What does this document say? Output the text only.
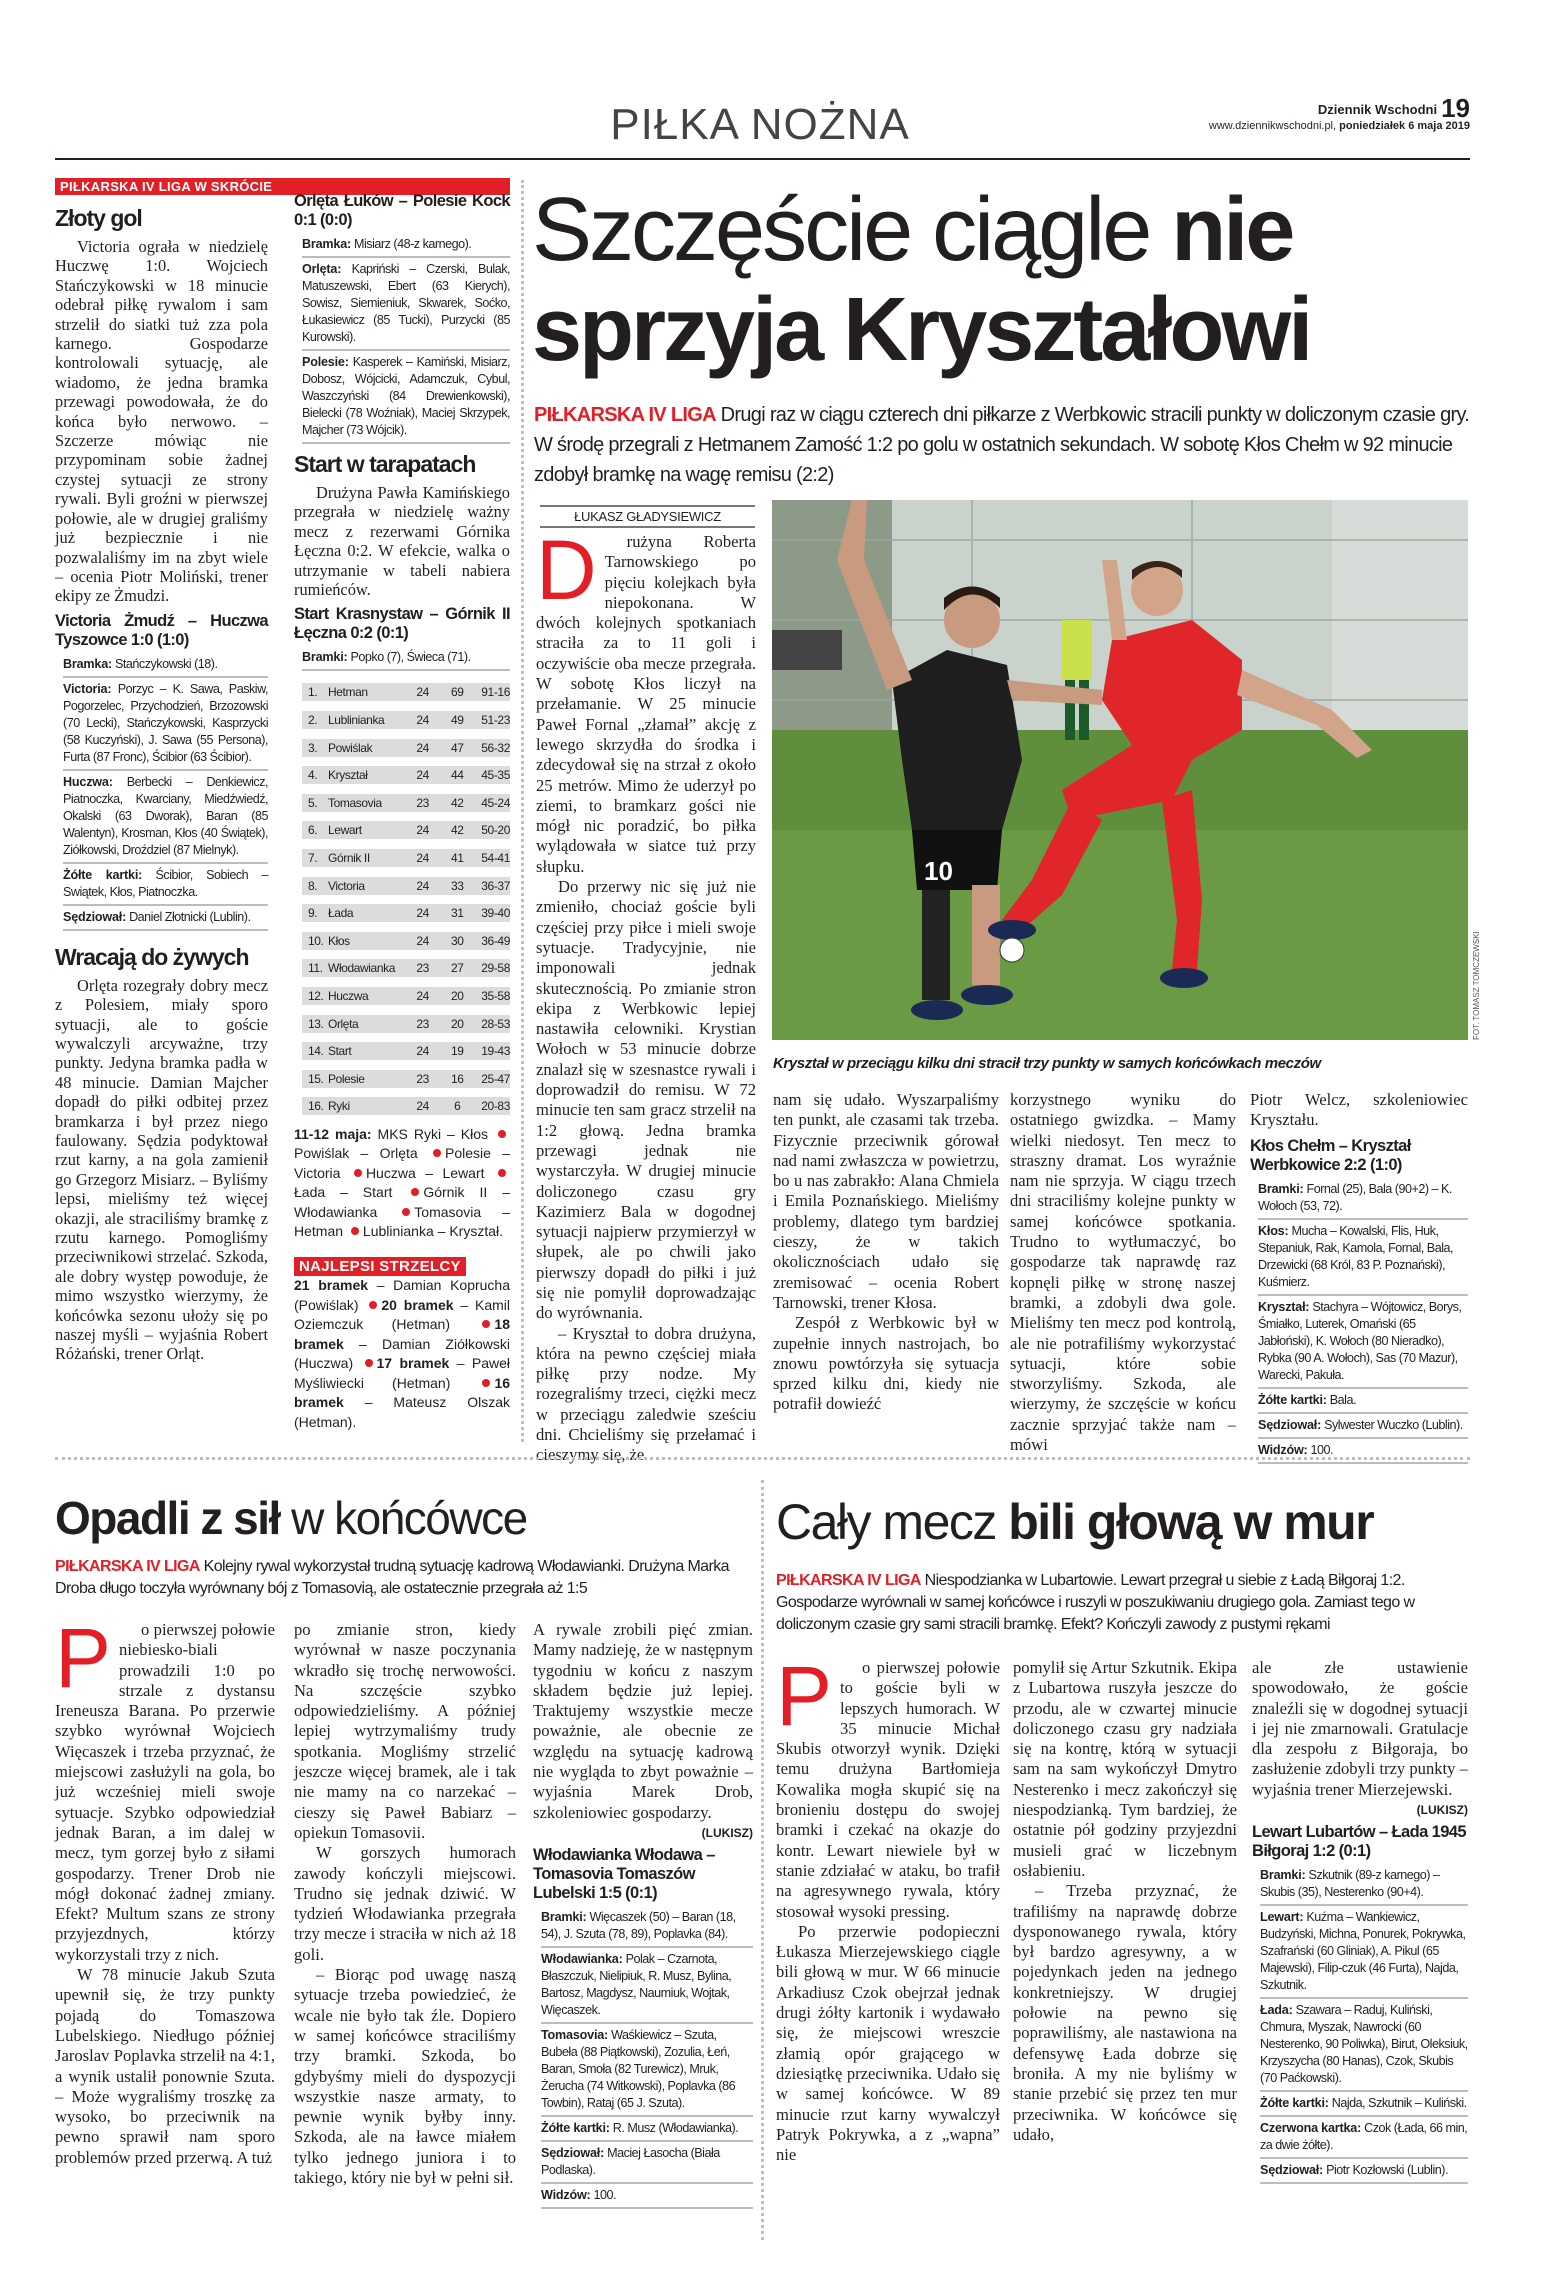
PIŁKA NOŻNA	Dziennik Wschodni 19
www.dziennikwschodni.pl, poniedziałek 6 maja 2019
PIŁKARSKA IV LIGA W SKRÓCIE
Złoty gol

Victoria ograła w niedzielę Huczwę 1:0. Wojciech Stańczykowski w 18 minucie odebrał piłkę rywalom i sam strzelił do siatki tuż zza pola karnego. Gospodarze kontrolowali sytuację, ale wiadomo, że jedna bramka przewagi powodowała, że do końca było nerwowo. – Szczerze mówiąc nie przypominam sobie żadnej czystej sytuacji ze strony rywali. Byli groźni w pierwszej połowie, ale w drugiej graliśmy już bezpiecznie i nie pozwalaliśmy im na zbyt wiele – ocenia Piotr Moliński, trener ekipy ze Żmudzi.

Victoria Żmudź – Huczwa Tyszowce 1:0 (1:0)
Bramka: Stańczykowski (18).
Victoria: Porzyc – K. Sawa, Paskiw, Pogorzelec, Przychodzień, Brzozowski (70 Lecki), Stańczykowski, Kasprzycki (58 Kuczyński), J. Sawa (55 Persona), Furta (87 Fronc), Ścibior (63 Ścibior).
Huczwa: Berbecki – Denkiewicz, Piatnoczka, Kwarciany, Miedźwiedź, Okalski (63 Dworak), Baran (85 Walentyn), Krosman, Kłos (40 Świątek), Ziółkowski, Droździel (87 Mielnyk).
Żółte kartki: Ścibior, Sobiech – Swiątek, Kłos, Piatnoczka.
Sędziował: Daniel Złotnicki (Lublin).
Wracają do żywych

Orlęta rozegrały dobry mecz z Polesiem, miały sporo sytuacji, ale to goście wywalczyli arcyważne, trzy punkty. Jedyna bramka padła w 48 minucie. Damian Majcher dopadł do piłki odbitej przez bramkarza i był przez niego faulowany. Sędzia podyktował rzut karny, a na gola zamienił go Grzegorz Misiarz. – Byliśmy lepsi, mieliśmy też więcej okazji, ale straciliśmy bramkę z rzutu karnego. Pomogliśmy przeciwnikowi strzelać. Szkoda, ale dobry występ powoduje, że mimo wszystko wierzymy, że końcówka sezonu ułoży się po naszej myśli – wyjaśnia Robert Różański, trener Orląt.

Orlęta Łuków – Polesie Kock 0:1 (0:0)
Bramka: Misiarz (48-z karnego).
Orlęta: Kapriński – Czerski, Bulak, Matuszewski, Ebert (63 Kierych), Sowisz, Siemieniuk, Skwarek, Soćko, Łukasiewicz (85 Tucki), Purzycki (85 Kurowski).
Polesie: Kasperek – Kamiński, Misiarz, Dobosz, Wójcicki, Adamczuk, Cybul, Waszczyński (84 Drewienkowski), Bielecki (78 Woźniak), Maciej Skrzypek, Majcher (73 Wójcik).
Start w tarapatach

Drużyna Pawła Kamińskiego przegrała w niedzielę ważny mecz z rezerwami Górnika Łęczna 0:2. W efekcie, walka o utrzymanie w tabeli nabiera rumieńców.

Start Krasnystaw – Górnik II Łęczna 0:2 (0:1)
Bramki: Popko (7), Świeca (71).
1. Hetman	24	69	91-16
2. Lublinianka	24	49	51-23
3. Powiślak	24	47	56-32
4. Kryształ	24	44	45-35
5. Tomasovia	23	42	45-24
6. Lewart	24	42	50-20
7. Górnik II	24	41	54-41
8. Victoria	24	33	36-37
9. Łada	24	31	39-40
10. Kłos	24	30	36-49
11. Włodawianka	23	27	29-58
12. Huczwa	24	20	35-58
13. Orlęta	23	20	28-53
14. Start	24	19	19-43
15. Polesie	23	16	25-47
16. Ryki	24	6	20-83
11-12 maja: MKS Ryki – Kłos Powiślak – Orlęta Polesie – Victoria Huczwa – Lewart Łada – Start Górnik II – Włodawianka	Tomasovia – Hetman Lublinianka – Kryształ.
NAJLEPSI STRZELCY
21 bramek – Damian Koprucha (Powiślak) 20 bramek – Kamil Oziemczuk (Hetman)	18 bramek – Damian Ziółkowski (Huczwa) 17 bramek – Paweł Myśliwiecki (Hetman)	16 bramek – Mateusz Olszak (Hetman).
Szczęście ciągle nie
sprzyja Kryształowi
PIŁKARSKA IV LIGA Drugi raz w ciągu czterech dni piłkarze z Werbkowic stracili punkty w doliczonym czasie gry. W środę przegrali z Hetmanem Zamość 1:2 po golu w ostatnich sekundach. W sobotę Kłos Chełm w 92 minucie zdobył bramkę na wagę remisu (2:2)
ŁUKASZ GŁADYSIEWICZ
D	rużyna Roberta Tarnowskiego po pięciu kolejkach była niepokonana. W dwóch kolejnych spotkaniach straciła za to 11 goli i oczywiście oba mecze przegrała. W sobotę Kłos liczył na przełamanie. W 25 minucie Paweł Fornal „złamał” akcję z lewego skrzydła do środka i zdecydował się na strzał z około 25 metrów. Mimo że uderzył po ziemi, to bramkarz gości nie mógł nic poradzić, bo piłka wylądowała w siatce tuż przy słupku.

Do przerwy nic się już nie zmieniło, chociaż goście byli częściej przy piłce i mieli swoje sytuacje. Tradycyjnie, nie imponowali jednak skutecznością. Po zmianie stron ekipa z Werbkowic lepiej nastawiła celowniki. Krystian Wołoch w 53 minucie dobrze znalazł się w szesnastce rywali i doprowadził do remisu. W 72 minucie ten sam gracz strzelił na 1:2 głową. Jedna bramka przewagi jednak nie wystarczyła. W drugiej minucie doliczonego czasu gry Kazimierz Bala w dogodnej sytuacji najpierw przymierzył w słupek, ale po chwili jako pierwszy dopadł do piłki i już się nie pomylił doprowadzając do wyrównania.

– Kryształ to dobra drużyna, która na pewno częściej miała piłkę przy nodze. My rozegraliśmy trzeci, ciężki mecz w przeciągu zaledwie sześciu dni. Chcieliśmy się przełamać i cieszymy się, że

10
FOT. TOMASZ TOMCZEWSKI
Kryształ w przeciągu kilku dni stracił trzy punkty w samych końcówkach meczów

nam się udało. Wyszarpaliśmy ten punkt, ale czasami tak trzeba. Fizycznie przeciwnik górował nad nami zwłaszcza w powietrzu, bo u nas zabrakło: Alana Chmiela i Emila Poznańskiego. Mieliśmy problemy, dlatego tym bardziej cieszy, że w takich okolicznościach udało się zremisować – ocenia Robert Tarnowski, trener Kłosa.

Zespół z Werbkowic był w zupełnie innych nastrojach, bo znowu powtórzyła się sytuacja sprzed kilku dni, kiedy nie potrafił dowieźć

korzystnego wyniku do ostatniego gwizdka. – Mamy wielki niedosyt. Ten mecz to straszny dramat. Los wyraźnie nam nie sprzyja. W ciągu trzech dni straciliśmy kolejne punkty w samej końcówce spotkania. Trudno to wytłumaczyć, bo gospodarze tak naprawdę raz kopnęli piłkę w stronę naszej bramki, a zdobyli dwa gole. Mieliśmy ten mecz pod kontrolą, ale nie potrafiliśmy wykorzystać sytuacji, które sobie stworzyliśmy. Szkoda, ale wierzymy, że szczęście w końcu zacznie sprzyjać także nam – mówi

Piotr Welcz, szkoleniowiec Kryształu.

Kłos Chełm – Kryształ Werbkowice 2:2 (1:0)
Bramki: Fornal (25), Bala (90+2) – K. Wołoch (53, 72).
Kłos: Mucha – Kowalski, Flis, Huk, Stepaniuk, Rak, Kamola, Fornal, Bala, Drzewicki (68 Król, 83 P. Poznański), Kuśmierz.
Kryształ: Stachyra – Wójtowicz, Borys, Śmiałko, Luterek, Omański (65 Jabłoński), K. Wołoch (80 Nieradko), Rybka (90 A. Wołoch), Sas (70 Mazur), Warecki, Pakuła.
Żółte kartki: Bala.
Sędziował: Sylwester Wuczko (Lublin).
Widzów: 100.
Opadli z sił w końcówce
PIŁKARSKA IV LIGA Kolejny rywal wykorzystał trudną sytuację kadrową Włodawianki. Drużyna Marka Droba długo toczyła wyrównany bój z Tomasovią, ale ostatecznie przegrała aż 1:5
P	o pierwszej połowie niebiesko-biali prowadzili 1:0 po strzale z dystansu Ireneusza Barana. Po przerwie szybko wyrównał Wojciech Więcaszek i trzeba przyznać, że miejscowi zasłużyli na gola, bo już wcześniej mieli swoje sytuacje. Szybko odpowiedział jednak Baran, a im dalej w mecz, tym gorzej było z siłami gospodarzy. Trener Drob nie mógł dokonać żadnej zmiany. Efekt? Multum szans ze strony przyjezdnych, którzy wykorzystali trzy z nich.

W 78 minucie Jakub Szuta upewnił się, że trzy punkty pojadą do Tomaszowa Lubelskiego. Niedługo później Jaroslav Poplavka strzelił na 4:1, a wynik ustalił ponownie Szuta. – Może wygraliśmy troszkę za wysoko, bo przeciwnik na pewno sprawił nam sporo problemów przed przerwą. A tuż

po zmianie stron, kiedy wyrównał w nasze poczynania wkradło się trochę nerwowości. Na szczęście szybko odpowiedzieliśmy. A później lepiej wytrzymaliśmy trudy spotkania. Mogliśmy strzelić jeszcze więcej bramek, ale i tak nie mamy na co narzekać – cieszy się Paweł Babiarz – opiekun Tomasovii.

W gorszych humorach zawody kończyli miejscowi. Trudno się jednak dziwić. W tydzień Włodawianka przegrała trzy mecze i straciła w nich aż 18 goli.

– Biorąc pod uwagę naszą sytuacje trzeba powiedzieć, że wcale nie było tak źle. Dopiero w samej końcówce straciliśmy trzy bramki. Szkoda, bo gdybyśmy mieli do dyspozycji wszystkie nasze armaty, to pewnie wynik byłby inny. Szkoda, ale na ławce miałem tylko jednego juniora i to takiego, który nie był w pełni sił.

A rywale zrobili pięć zmian. Mamy nadzieję, że w następnym tygodniu w końcu z naszym składem będzie już lepiej. Traktujemy wszystkie mecze poważnie, ale obecnie ze względu na sytuację kadrową nie wygląda to zbyt poważnie – wyjaśnia Marek Drob, szkoleniowiec gospodarzy.

(LUKISZ)
Włodawianka Włodawa – Tomasovia Tomaszów Lubelski 1:5 (0:1)
Bramki: Więcaszek (50) – Baran (18, 54), J. Szuta (78, 89), Poplavka (84).
Włodawianka: Polak – Czarnota, Błaszczuk, Nielipiuk, R. Musz, Bylina, Bartosz, Magdysz, Naumiuk, Wojtak, Więcaszek.
Tomasovia: Waśkiewicz – Szuta, Bubeła (88 Piątkowski), Zozulia, Łeń, Baran, Smoła (82 Turewicz), Mruk, Żerucha (74 Witkowski), Poplavka (86 Towbin), Rataj (65 J. Szuta).
Żółte kartki: R. Musz (Włodawianka).
Sędziował: Maciej Łasocha (Biała Podlaska).
Widzów: 100.
Cały mecz bili głową w mur
PIŁKARSKA IV LIGA Niespodzianka w Lubartowie. Lewart przegrał u siebie z Ładą Biłgoraj 1:2. Gospodarze wyrównali w samej końcówce i ruszyli w poszukiwaniu drugiego gola. Zamiast tego w doliczonym czasie gry sami stracili bramkę. Efekt? Kończyli zawody z pustymi rękami
P	o pierwszej połowie to goście byli w lepszych humorach. W 35 minucie Michał Skubis otworzył wynik. Dzięki temu drużyna Bartłomieja Kowalika mogła skupić się na bronieniu dostępu do swojej bramki i czekać na okazje do kontr. Lewart niewiele był w stanie zdziałać w ataku, bo trafił na agresywnego rywala, który stosował wysoki pressing.

Po przerwie podopieczni Łukasza Mierzejewskiego ciągle bili głową w mur. W 66 minucie Arkadiusz Czok obejrzał jednak drugi żółty kartonik i wydawało się, że miejscowi wreszcie złamią opór grającego w dziesiątkę przeciwnika. Udało się w samej końcówce. W 89 minucie rzut karny wywalczył Patryk Pokrywka, a z „wapna” nie

pomylił się Artur Szkutnik. Ekipa z Lubartowa ruszyła jeszcze do przodu, ale w czwartej minucie doliczonego czasu gry nadziała się na kontrę, którą w sytuacji sam na sam wykończył Dmytro Nesterenko i mecz zakończył się niespodzianką. Tym bardziej, że ostatnie pół godziny przyjezdni musieli grać w liczebnym osłabieniu.

– Trzeba przyznać, że trafiliśmy na naprawdę dobrze dysponowanego rywala, który był bardzo agresywny, a w pojedynkach jeden na jednego konkretniejszy. W drugiej połowie na pewno się poprawiliśmy, ale nastawiona na defensywę Łada dobrze się broniła. A my nie byliśmy w stanie przebić się przez ten mur przeciwnika. W końcówce się udało,

ale złe ustawienie spowodowało, że goście znaleźli się w dogodnej sytuacji i jej nie zmarnowali. Gratulacje dla zespołu z Biłgoraja, bo zasłużenie zdobyli trzy punkty – wyjaśnia trener Mierzejewski.

(LUKISZ)
Lewart Lubartów – Łada 1945 Biłgoraj 1:2 (0:1)
Bramki: Szkutnik (89-z karnego) – Skubis (35), Nesterenko (90+4).
Lewart: Kuźma – Wankiewicz, Budzyński, Michna, Ponurek, Pokrywka, Szafrański (60 Gliniak), A. Pikul (65 Majewski), Filip-czuk (46 Furta), Najda, Szkutnik.
Łada: Szawara – Raduj, Kuliński, Chmura, Myszak, Nawrocki (60 Nesterenko, 90 Poliwka), Birut, Oleksiuk, Krzyszycha (80 Hanas), Czok, Skubis (70 Paćkowski).
Żółte kartki: Najda, Szkutnik – Kuliński.
Czerwona kartka: Czok (Łada, 66 min, za dwie żółte).
Sędziował: Piotr Kozłowski (Lublin).
